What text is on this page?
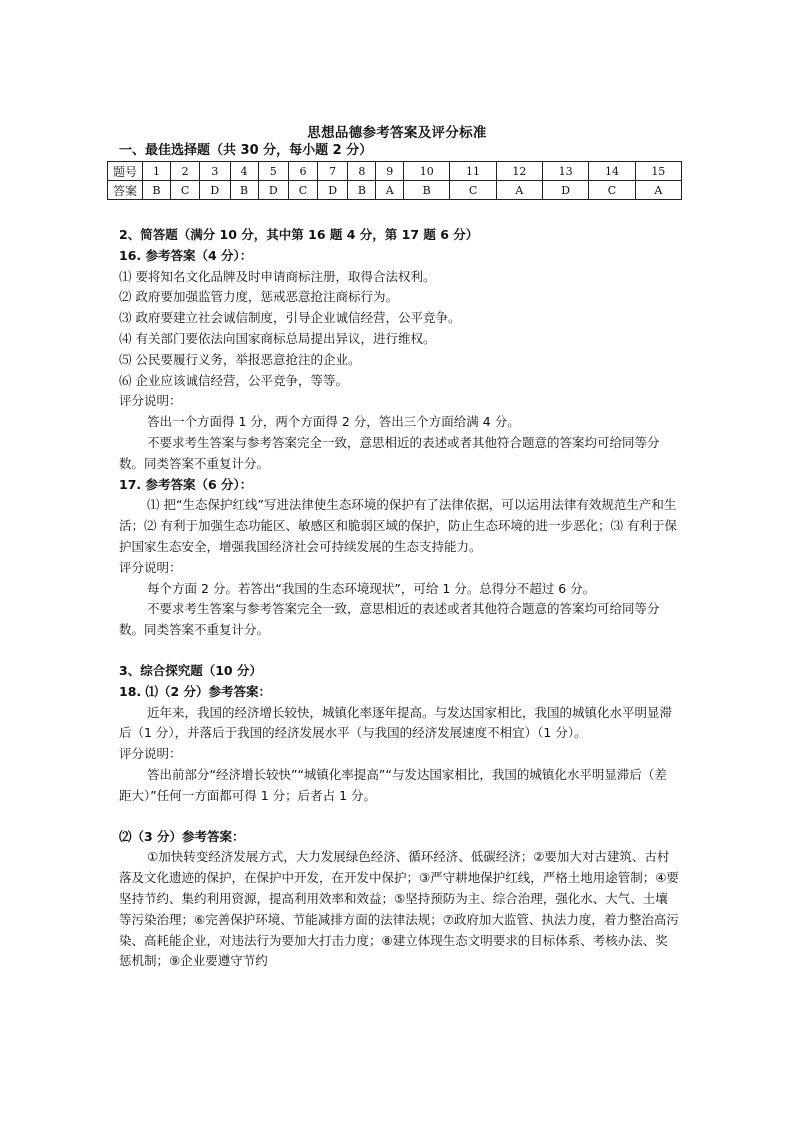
思想品德参考答案及评分标准
一、最佳选择题（共 30 分，每小题 2 分）
题号	1	2	3	4	5	6	7	8	9	10	11	12	13	14	15
答案	B	C	D	B	D	C	D	B	A	B	C	A	D	C	A

2、简答题（满分 10 分，其中第 16 题 4 分，第 17 题 6 分）

16. 参考答案（4 分）：

⑴ 要将知名文化品牌及时申请商标注册，取得合法权利。

⑵ 政府要加强监管力度，惩戒恶意抢注商标行为。

⑶ 政府要建立社会诚信制度，引导企业诚信经营，公平竞争。

⑷ 有关部门要依法向国家商标总局提出异议，进行维权。

⑸ 公民要履行义务，举报恶意抢注的企业。

⑹ 企业应该诚信经营，公平竞争，等等。

评分说明：

答出一个方面得 1 分，两个方面得 2 分，答出三个方面给满 4 分。

不要求考生答案与参考答案完全一致，意思相近的表述或者其他符合题意的答案均可给同等分数。同类答案不重复计分。

17. 参考答案（6 分）：

⑴ 把“生态保护红线”写进法律使生态环境的保护有了法律依据，可以运用法律有效规范生产和生活；⑵ 有利于加强生态功能区、敏感区和脆弱区域的保护，防止生态环境的进一步恶化；⑶ 有利于保护国家生态安全，增强我国经济社会可持续发展的生态支持能力。

评分说明：

每个方面 2 分。若答出“我国的生态环境现状”，可给 1 分。总得分不超过 6 分。

不要求考生答案与参考答案完全一致，意思相近的表述或者其他符合题意的答案均可给同等分数。同类答案不重复计分。

3、综合探究题（10 分）

18. ⑴（2 分）参考答案：

近年来，我国的经济增长较快，城镇化率逐年提高。与发达国家相比，我国的城镇化水平明显滞后（1 分），并落后于我国的经济发展水平（与我国的经济发展速度不相宜）（1 分）。

评分说明：

答出前部分“经济增长较快”“城镇化率提高”“与发达国家相比，我国的城镇化水平明显滞后（差距大）”任何一方面都可得 1 分；后者占 1 分。

⑵（3 分）参考答案：

①加快转变经济发展方式，大力发展绿色经济、循环经济、低碳经济；②要加大对古建筑、古村落及文化遗迹的保护，在保护中开发，在开发中保护；③严守耕地保护红线，严格土地用途管制；④要坚持节约、集约利用资源，提高利用效率和效益；⑤坚持预防为主、综合治理，强化水、大气、土壤等污染治理；⑥完善保护环境、节能减排方面的法律法规；⑦政府加大监管、执法力度，着力整治高污染、高耗能企业，对违法行为要加大打击力度；⑧建立体现生态文明要求的目标体系、考核办法、奖惩机制；⑨企业要遵守节约
